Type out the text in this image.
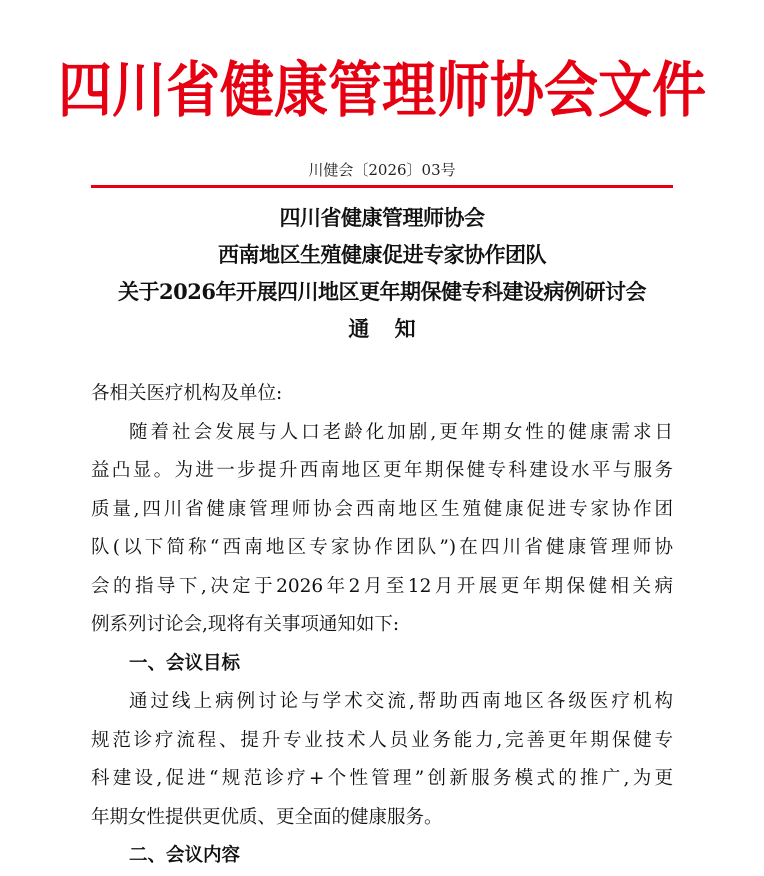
四川省健康管理师协会文件
川健会〔2026〕03号
四川省健康管理师协会
西南地区生殖健康促进专家协作团队
关于2026年开展四川地区更年期保健专科建设病例研讨会
通知
各相关医疗机构及单位:
随着社会发展与人口老龄化加剧,更年期女性的健康需求日
益凸显。为进一步提升西南地区更年期保健专科建设水平与服务
质量,四川省健康管理师协会西南地区生殖健康促进专家协作团
队(以下简称“西南地区专家协作团队”)在四川省健康管理师协
会的指导下,决定于2026年2月至12月开展更年期保健相关病
例系列讨论会,现将有关事项通知如下:
一、会议目标
通过线上病例讨论与学术交流,帮助西南地区各级医疗机构
规范诊疗流程、提升专业技术人员业务能力,完善更年期保健专
科建设,促进“规范诊疗+个性管理”创新服务模式的推广,为更
年期女性提供更优质、更全面的健康服务。
二、会议内容
